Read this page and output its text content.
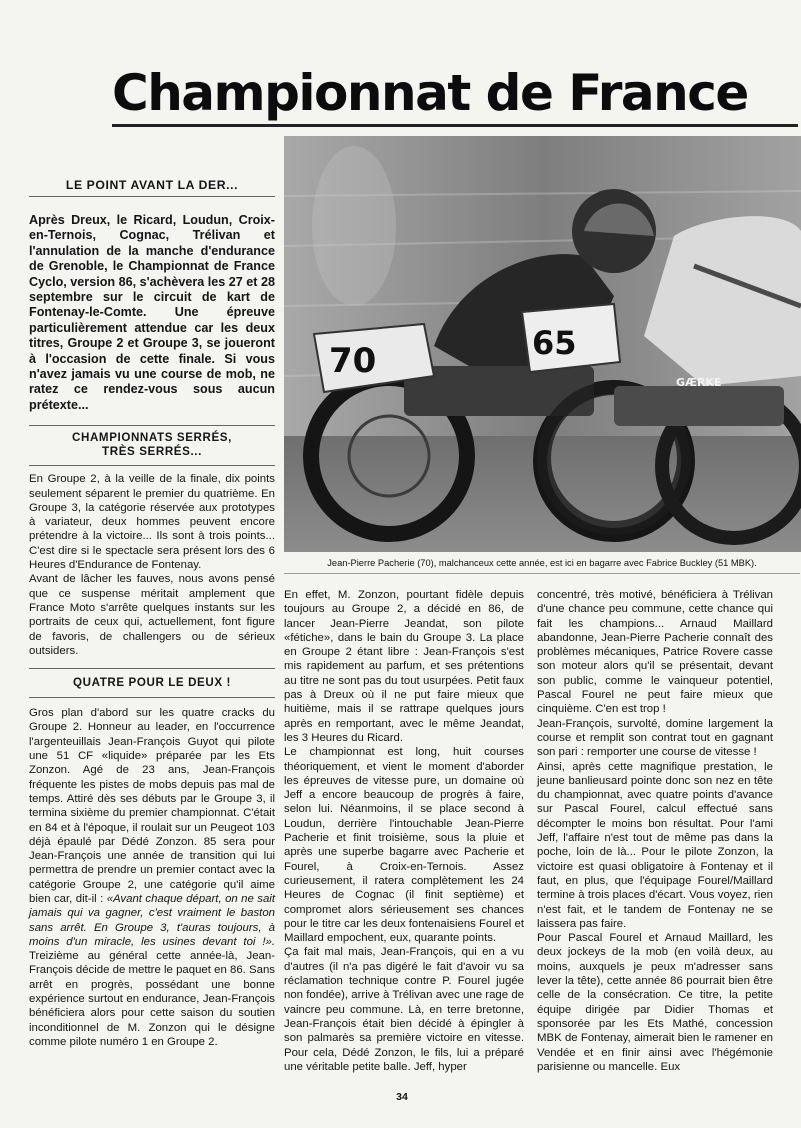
Championnat de France
LE POINT AVANT LA DER...

Après Dreux, le Ricard, Loudun, Croix-en-Ternois, Cognac, Trélivan et l'annulation de la manche d'endurance de Grenoble, le Championnat de France Cyclo, version 86, s'achèvera les 27 et 28 septembre sur le circuit de kart de Fontenay-le-Comte. Une épreuve particulièrement attendue car les deux titres, Groupe 2 et Groupe 3, se joueront à l'occasion de cette finale. Si vous n'avez jamais vu une course de mob, ne ratez ce rendez-vous sous aucun prétexte...

CHAMPIONNATS SERRÉS,
TRÈS SERRÉS...

En Groupe 2, à la veille de la finale, dix points seulement séparent le premier du quatrième. En Groupe 3, la catégorie réservée aux prototypes à variateur, deux hommes peuvent encore prétendre à la victoire... Ils sont à trois points... C'est dire si le spectacle sera présent lors des 6 Heures d'Endurance de Fontenay.

Avant de lâcher les fauves, nous avons pensé que ce suspense méritait amplement que France Moto s'arrête quelques instants sur les portraits de ceux qui, actuellement, font figure de favoris, de challengers ou de sérieux outsiders.

QUATRE POUR LE DEUX !

Gros plan d'abord sur les quatre cracks du Groupe 2. Honneur au leader, en l'occurrence l'argenteuillais Jean-François Guyot qui pilote une 51 CF «liquide» préparée par les Ets Zonzon. Agé de 23 ans, Jean-François fréquente les pistes de mobs depuis pas mal de temps. Attiré dès ses débuts par le Groupe 3, il termina sixième du premier championnat. C'était en 84 et à l'époque, il roulait sur un Peugeot 103 déjà épaulé par Dédé Zonzon. 85 sera pour Jean-François une année de transition qui lui permettra de prendre un premier contact avec la catégorie Groupe 2, une catégorie qu'il aime bien car, dit-il : «Avant chaque départ, on ne sait jamais qui va gagner, c'est vraiment le baston sans arrêt. En Groupe 3, t'auras toujours, à moins d'un miracle, les usines devant toi !». Treizième au général cette année-là, Jean-François décide de mettre le paquet en 86. Sans arrêt en progrès, possédant une bonne expérience surtout en endurance, Jean-François bénéficiera alors pour cette saison du soutien inconditionnel de M. Zonzon qui le désigne comme pilote numéro 1 en Groupe 2.

70	65
GÆRKE
Jean-Pierre Pacherie (70), malchanceux cette année, est ici en bagarre avec Fabrice Buckley (51 MBK).

En effet, M. Zonzon, pourtant fidèle depuis toujours au Groupe 2, a décidé en 86, de lancer Jean-Pierre Jeandat, son pilote «fétiche», dans le bain du Groupe 3. La place en Groupe 2 étant libre : Jean-François s'est mis rapidement au parfum, et ses prétentions au titre ne sont pas du tout usurpées. Petit faux pas à Dreux où il ne put faire mieux que huitième, mais il se rattrape quelques jours après en remportant, avec le même Jeandat, les 3 Heures du Ricard.

Le championnat est long, huit courses théoriquement, et vient le moment d'aborder les épreuves de vitesse pure, un domaine où Jeff a encore beaucoup de progrès à faire, selon lui. Néanmoins, il se place second à Loudun, derrière l'intouchable Jean-Pierre Pacherie et finit troisième, sous la pluie et après une superbe bagarre avec Pacherie et Fourel, à Croix-en-Ternois. Assez curieusement, il ratera complètement les 24 Heures de Cognac (il finit septième) et compromet alors sérieusement ses chances pour le titre car les deux fontenaisiens Fourel et Maillard empochent, eux, quarante points.

Ça fait mal mais, Jean-François, qui en a vu d'autres (il n'a pas digéré le fait d'avoir vu sa réclamation technique contre P. Fourel jugée non fondée), arrive à Trélivan avec une rage de vaincre peu commune. Là, en terre bretonne, Jean-François était bien décidé à épingler à son palmarès sa première victoire en vitesse. Pour cela, Dédé Zonzon, le fils, lui a préparé une véritable petite balle. Jeff, hyper

concentré, très motivé, bénéficiera à Trélivan d'une chance peu commune, cette chance qui fait les champions... Arnaud Maillard abandonne, Jean-Pierre Pacherie connaît des problèmes mécaniques, Patrice Rovere casse son moteur alors qu'il se présentait, devant son public, comme le vainqueur potentiel, Pascal Fourel ne peut faire mieux que cinquième. C'en est trop !

Jean-François, survolté, domine largement la course et remplit son contrat tout en gagnant son pari : remporter une course de vitesse !

Ainsi, après cette magnifique prestation, le jeune banlieusard pointe donc son nez en tête du championnat, avec quatre points d'avance sur Pascal Fourel, calcul effectué sans décompter le moins bon résultat. Pour l'ami Jeff, l'affaire n'est tout de même pas dans la poche, loin de là... Pour le pilote Zonzon, la victoire est quasi obligatoire à Fontenay et il faut, en plus, que l'équipage Fourel/Maillard termine à trois places d'écart. Vous voyez, rien n'est fait, et le tandem de Fontenay ne se laissera pas faire.

Pour Pascal Fourel et Arnaud Maillard, les deux jockeys de la mob (en voilà deux, au moins, auxquels je peux m'adresser sans lever la tête), cette année 86 pourrait bien être celle de la consécration. Ce titre, la petite équipe dirigée par Didier Thomas et sponsorée par les Ets Mathé, concession MBK de Fontenay, aimerait bien le ramener en Vendée et en finir ainsi avec l'hégémonie parisienne ou mancelle. Eux

34
